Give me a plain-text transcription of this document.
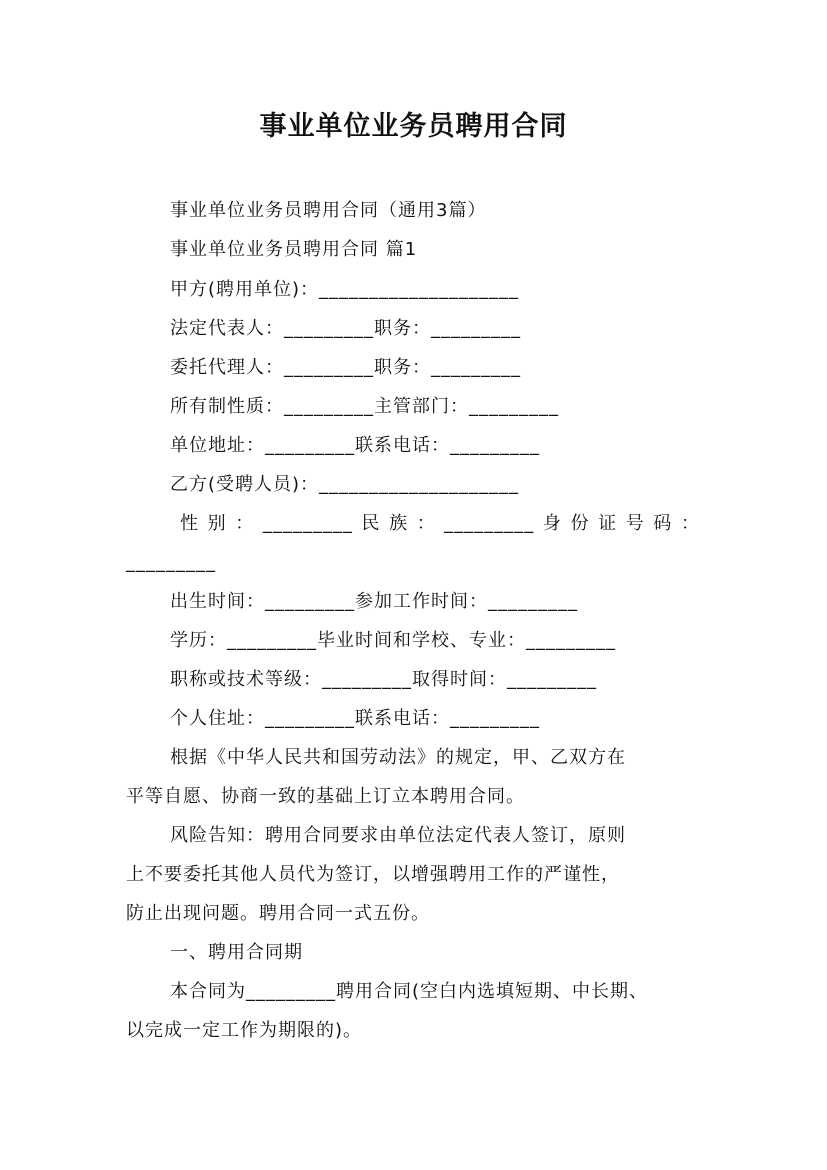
事业单位业务员聘用合同
事业单位业务员聘用合同（通用3篇）
事业单位业务员聘用合同 篇1
甲方(聘用单位)：____________________
法定代表人：_________职务：_________
委托代理人：_________职务：_________
所有制性质：_________主管部门：_________
单位地址：_________联系电话：_________
乙方(受聘人员)：____________________
性别：_________民族：_________身份证号码：
_________
出生时间：_________参加工作时间：_________
学历：_________毕业时间和学校、专业：_________
职称或技术等级：_________取得时间：_________
个人住址：_________联系电话：_________
根据《中华人民共和国劳动法》的规定，甲、乙双方在
平等自愿、协商一致的基础上订立本聘用合同。
风险告知：聘用合同要求由单位法定代表人签订，原则
上不要委托其他人员代为签订，以增强聘用工作的严谨性，
防止出现问题。聘用合同一式五份。
一、聘用合同期
本合同为_________聘用合同(空白内选填短期、中长期、
以完成一定工作为期限的)。
